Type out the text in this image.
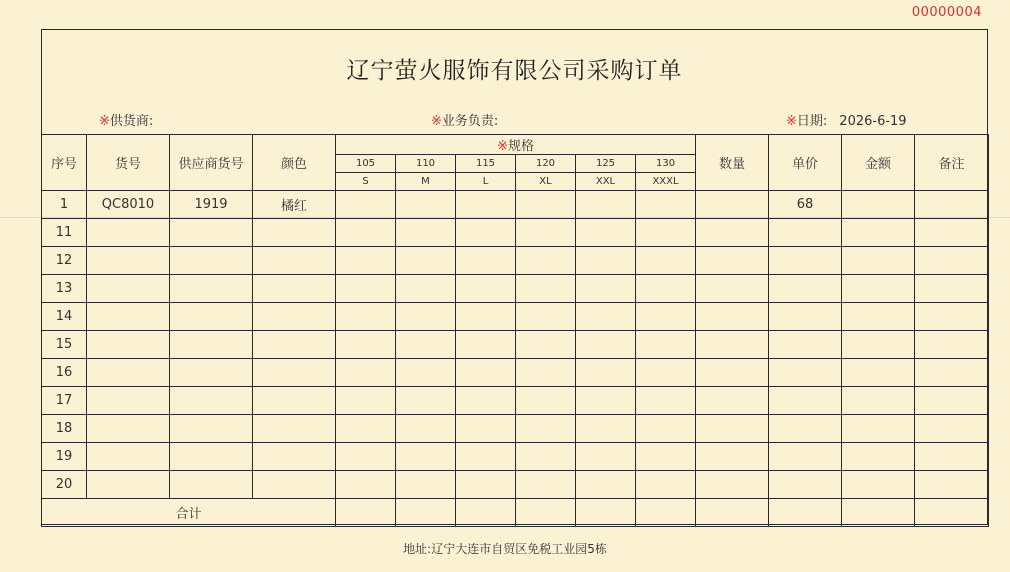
00000004
辽宁萤火服饰有限公司采购订单
※供货商:	※业务负责:	※日期: 2026-6-19
序号	货号	供应商货号	颜色	※规格						数量	单价	金额	备注
				105	110	115	120	125	130				
				S	M	L	XL	XXL	XXXL				
1	QC8010	1919	橘红								68		
11													
12													
13													
14													
15													
16													
17													
18													
19													
20													
合计													
地址:辽宁大连市自贸区免税工业园5栋
